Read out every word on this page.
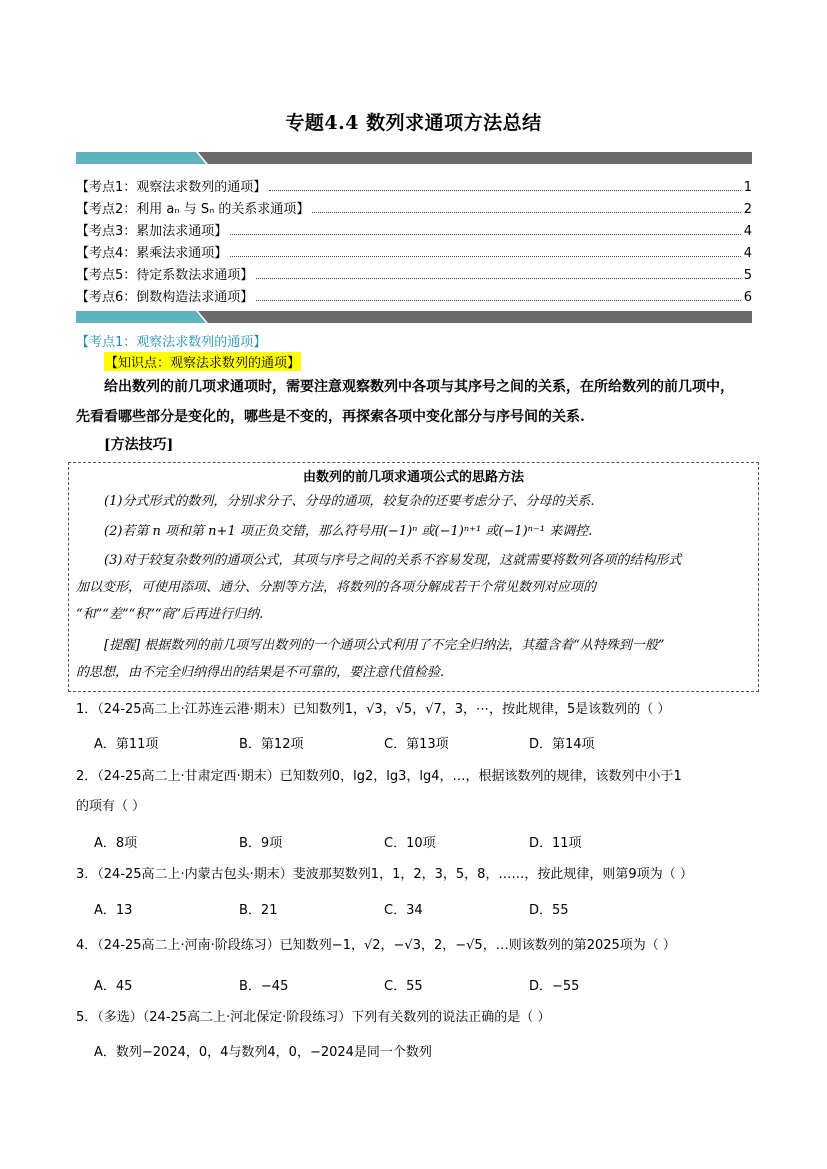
专题4.4 数列求通项方法总结
【考点1：观察法求数列的通项】	1
【考点2：利用 aₙ 与 Sₙ 的关系求通项】	2
【考点3：累加法求通项】	4
【考点4：累乘法求通项】	4
【考点5：待定系数法求通项】	5
【考点6：倒数构造法求通项】	6
【考点1：观察法求数列的通项】
【知识点：观察法求数列的通项】

给出数列的前几项求通项时，需要注意观察数列中各项与其序号之间的关系，在所给数列的前几项中，

先看看哪些部分是变化的，哪些是不变的，再探索各项中变化部分与序号间的关系.

[方法技巧]
由数列的前几项求通项公式的思路方法
(1)分式形式的数列，分别求分子、分母的通项，较复杂的还要考虑分子、分母的关系.
(2)若第 n 项和第 n+1 项正负交错，那么符号用(−1)ⁿ 或(−1)ⁿ⁺¹ 或(−1)ⁿ⁻¹ 来调控.
(3)对于较复杂数列的通项公式，其项与序号之间的关系不容易发现，这就需要将数列各项的结构形式
加以变形，可使用添项、通分、分割等方法，将数列的各项分解成若干个常见数列对应项的
“和”“差”“积”“商”后再进行归纳.
[提醒] 根据数列的前几项写出数列的一个通项公式利用了不完全归纳法，其蕴含着“从特殊到一般”
的思想，由不完全归纳得出的结果是不可靠的，要注意代值检验.
1．（24-25高二上·江苏连云港·期末）已知数列1，√3，√5，√7，3，⋯，按此规律，5是该数列的（ ）
A．第11项	B．第12项	C．第13项	D．第14项
2．（24-25高二上·甘肃定西·期末）已知数列0，lg2，lg3，lg4，…，根据该数列的规律，该数列中小于1
的项有（ ）
A．8项	B．9项	C．10项	D．11项
3．（24-25高二上·内蒙古包头·期末）斐波那契数列1，1，2，3，5，8，……，按此规律，则第9项为（ ）
A．13	B．21	C．34	D．55
4．（24-25高二上·河南·阶段练习）已知数列−1，√2，−√3，2，−√5，…则该数列的第2025项为（ ）
A．45	B．−45	C．55	D．−55
5．（多选）（24-25高二上·河北保定·阶段练习）下列有关数列的说法正确的是（ ）
A．数列−2024，0，4与数列4，0，−2024是同一个数列
